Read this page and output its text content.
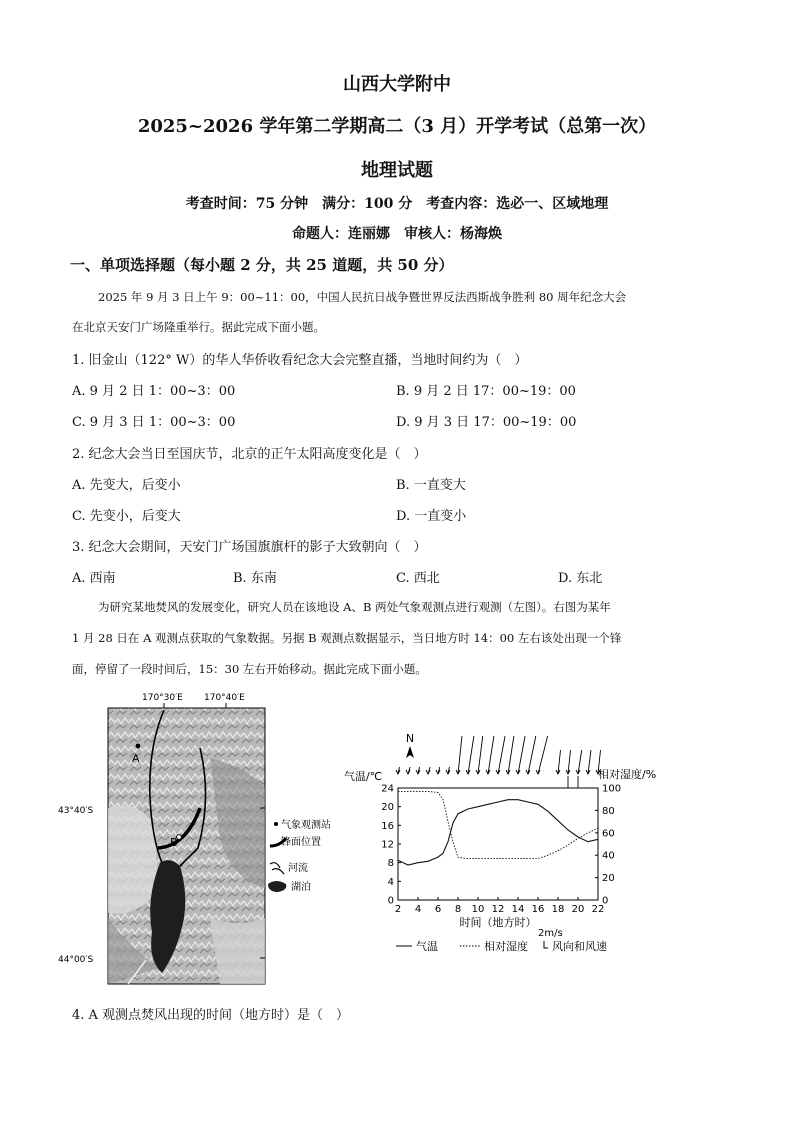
山西大学附中
2025~2026 学年第二学期高二（3 月）开学考试（总第一次）
地理试题
考查时间：75 分钟　满分：100 分　考查内容：选必一、区域地理
命题人：连丽娜　审核人：杨海焕
一、单项选择题（每小题 2 分，共 25 道题，共 50 分）
2025 年 9 月 3 日上午 9：00~11：00，中国人民抗日战争暨世界反法西斯战争胜利 80 周年纪念大会
在北京天安门广场隆重举行。据此完成下面小题。
1. 旧金山（122° W）的华人华侨收看纪念大会完整直播，当地时间约为（　）
A. 9 月 2 日 1：00~3：00	B. 9 月 2 日 17：00~19：00
C. 9 月 3 日 1：00~3：00	D. 9 月 3 日 17：00~19：00
2. 纪念大会当日至国庆节，北京的正午太阳高度变化是（　）
A. 先变大，后变小	B. 一直变大
C. 先变小，后变大	D. 一直变小
3. 纪念大会期间，天安门广场国旗旗杆的影子大致朝向（　）
A. 西南	B. 东南	C. 西北	D. 东北
为研究某地焚风的发展变化，研究人员在该地设 A、B 两处气象观测点进行观测（左图）。右图为某年
1 月 28 日在 A 观测点获取的气象数据。另据 B 观测点数据显示，当日地方时 14：00 左右该处出现一个锋
面，停留了一段时间后，15：30 左右开始移动。据此完成下面小题。
170°30′E 170°40′E
43°40′S
44°00′S
A
B
气象观测站
锋面位置
河流
湖泊
2 4 6 8 10 12 14 16 18 20 22
0
4
8
12
16
20
24
0
20
40
60
80
100
N
气温/℃	相对湿度/%
时间（地方时）
2m/s
气温	相对湿度 风向和风速
4. A 观测点焚风出现的时间（地方时）是（　）
